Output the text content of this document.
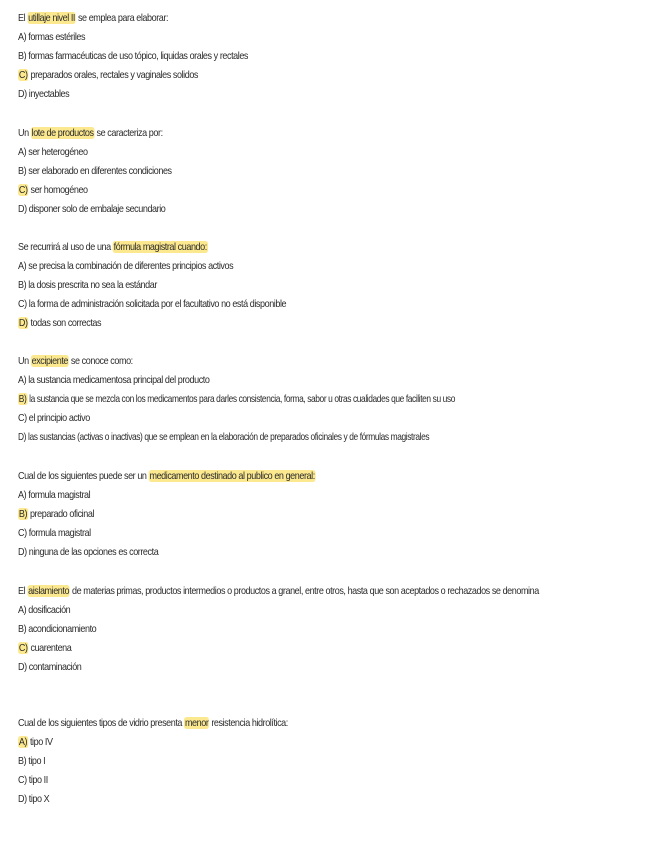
El utillaje nivel II se emplea para elaborar:
A) formas estériles
B) formas farmacéuticas de uso tópico, liquidas orales y rectales
C) preparados orales, rectales y vaginales solidos
D) inyectables
Un lote de productos se caracteriza por:
A) ser heterogéneo
B) ser elaborado en diferentes condiciones
C) ser homogéneo
D) disponer solo de embalaje secundario
Se recurrirá al uso de una fórmula magistral cuando:
A) se precisa la combinación de diferentes principios activos
B) la dosis prescrita no sea la estándar
C) la forma de administración solicitada por el facultativo no está disponible
D) todas son correctas
Un excipiente se conoce como:
A) la sustancia medicamentosa principal del producto
B) la sustancia que se mezcla con los medicamentos para darles consistencia, forma, sabor u otras cualidades que faciliten su uso
C) el principio activo
D) las sustancias (activas o inactivas) que se emplean en la elaboración de preparados oficinales y de fórmulas magistrales
Cual de los siguientes puede ser un medicamento destinado al publico en general:
A) formula magistral
B) preparado oficinal
C) formula magistral
D) ninguna de las opciones es correcta
El aislamiento de materias primas, productos intermedios o productos a granel, entre otros, hasta que son aceptados o rechazados se denomina
A) dosificación
B) acondicionamiento
C) cuarentena
D) contaminación
Cual de los siguientes tipos de vidrio presenta menor resistencia hidrolítica:
A) tipo IV
B) tipo I
C) tipo II
D) tipo X
